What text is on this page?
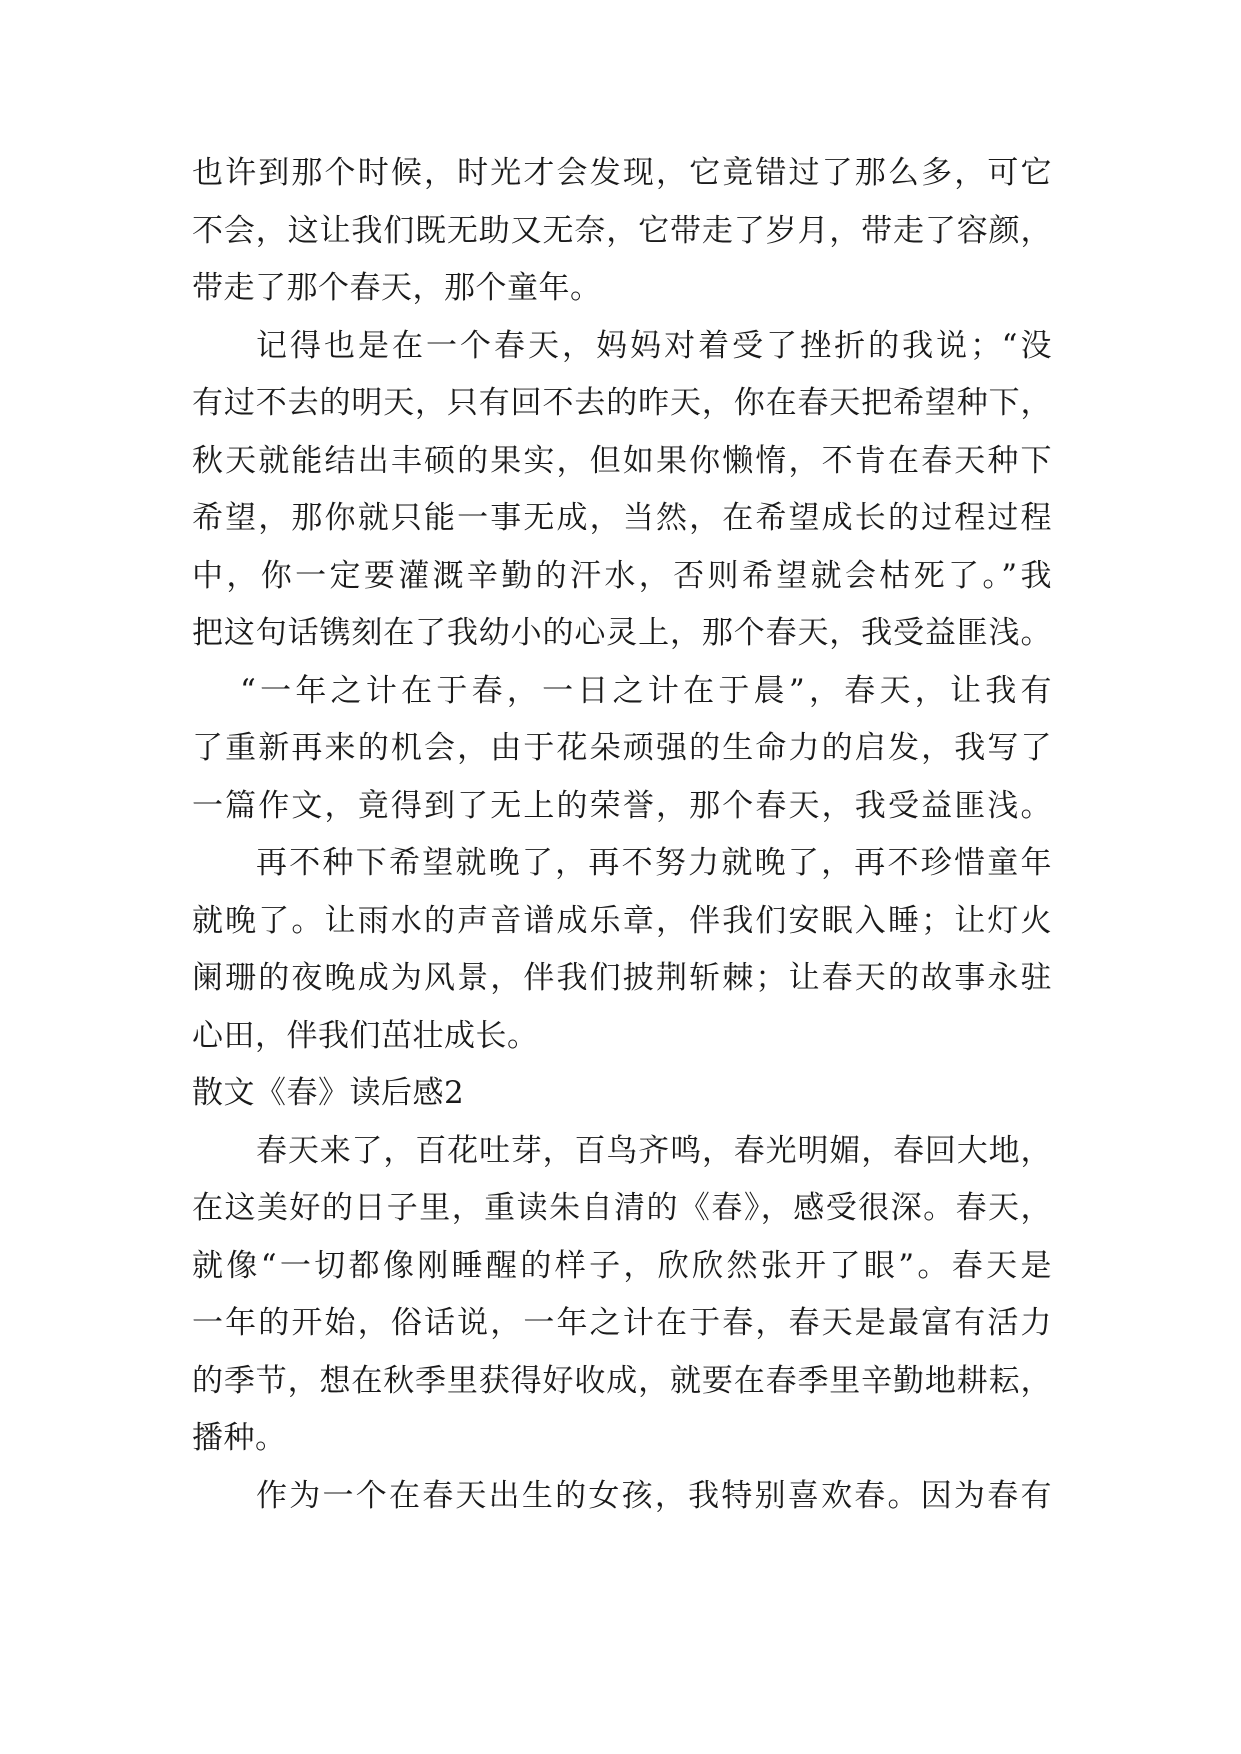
也许到那个时候，时光才会发现，它竟错过了那么多，可它
不会，这让我们既无助又无奈，它带走了岁月，带走了容颜，
带走了那个春天，那个童年。
记得也是在一个春天，妈妈对着受了挫折的我说；“没
有过不去的明天，只有回不去的昨天，你在春天把希望种下，
秋天就能结出丰硕的果实，但如果你懒惰，不肯在春天种下
希望，那你就只能一事无成，当然，在希望成长的过程过程
中，你一定要灌溉辛勤的汗水，否则希望就会枯死了。”我
把这句话镌刻在了我幼小的心灵上，那个春天，我受益匪浅。
“一年之计在于春，一日之计在于晨”，春天，让我有
了重新再来的机会，由于花朵顽强的生命力的启发，我写了
一篇作文，竟得到了无上的荣誉，那个春天，我受益匪浅。
再不种下希望就晚了，再不努力就晚了，再不珍惜童年
就晚了。让雨水的声音谱成乐章，伴我们安眠入睡；让灯火
阑珊的夜晚成为风景，伴我们披荆斩棘；让春天的故事永驻
心田，伴我们茁壮成长。
散文《春》读后感2
春天来了，百花吐芽，百鸟齐鸣，春光明媚，春回大地，
在这美好的日子里，重读朱自清的《春》，感受很深。春天，
就像“一切都像刚睡醒的样子，欣欣然张开了眼”。春天是
一年的开始，俗话说，一年之计在于春，春天是最富有活力
的季节，想在秋季里获得好收成，就要在春季里辛勤地耕耘，
播种。
作为一个在春天出生的女孩，我特别喜欢春。因为春有
